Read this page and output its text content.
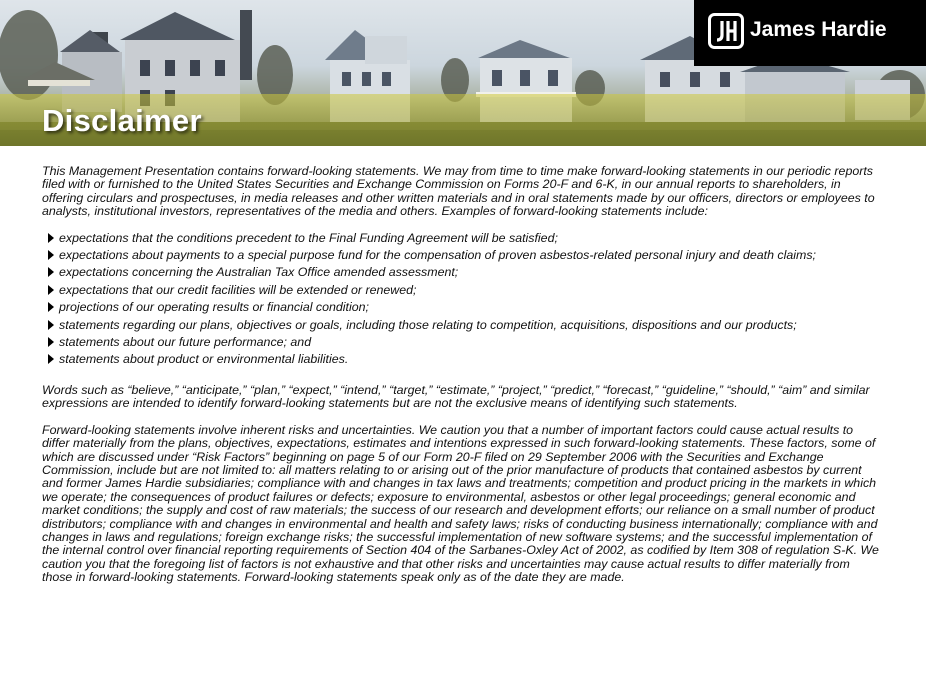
Disclaimer
James Hardie

This Management Presentation contains forward-looking statements. We may from time to time make forward-looking statements in our periodic reports filed with or furnished to the United States Securities and Exchange Commission on Forms 20-F and 6-K, in our annual reports to shareholders, in offering circulars and prospectuses, in media releases and other written materials and in oral statements made by our officers, directors or employees to analysts, institutional investors, representatives of the media and others. Examples of forward-looking statements include:

expectations that the conditions precedent to the Final Funding Agreement will be satisfied;
expectations about payments to a special purpose fund for the compensation of proven asbestos-related personal injury and death claims;
expectations concerning the Australian Tax Office amended assessment;
expectations that our credit facilities will be extended or renewed;
projections of our operating results or financial condition;
statements regarding our plans, objectives or goals, including those relating to competition, acquisitions, dispositions and our products;
statements about our future performance; and
statements about product or environmental liabilities.

Words such as “believe,” “anticipate,” “plan,” “expect,” “intend,” “target,” “estimate,” “project,” “predict,” “forecast,” “guideline,” “should,” “aim” and similar expressions are intended to identify forward-looking statements but are not the exclusive means of identifying such statements.

Forward-looking statements involve inherent risks and uncertainties. We caution you that a number of important factors could cause actual results to differ materially from the plans, objectives, expectations, estimates and intentions expressed in such forward-looking statements. These factors, some of which are discussed under “Risk Factors” beginning on page 5 of our Form 20-F filed on 29 September 2006 with the Securities and Exchange Commission, include but are not limited to: all matters relating to or arising out of the prior manufacture of products that contained asbestos by current and former James Hardie subsidiaries; compliance with and changes in tax laws and treatments; competition and product pricing in the markets in which we operate; the consequences of product failures or defects; exposure to environmental, asbestos or other legal proceedings; general economic and market conditions; the supply and cost of raw materials; the success of our research and development efforts; our reliance on a small number of product distributors; compliance with and changes in environmental and health and safety laws; risks of conducting business internationally; compliance with and changes in laws and regulations; foreign exchange risks; the successful implementation of new software systems; and the successful implementation of the internal control over financial reporting requirements of Section 404 of the Sarbanes-Oxley Act of 2002, as codified by Item 308 of regulation S-K. We caution you that the foregoing list of factors is not exhaustive and that other risks and uncertainties may cause actual results to differ materially from those in forward-looking statements. Forward-looking statements speak only as of the date they are made.
